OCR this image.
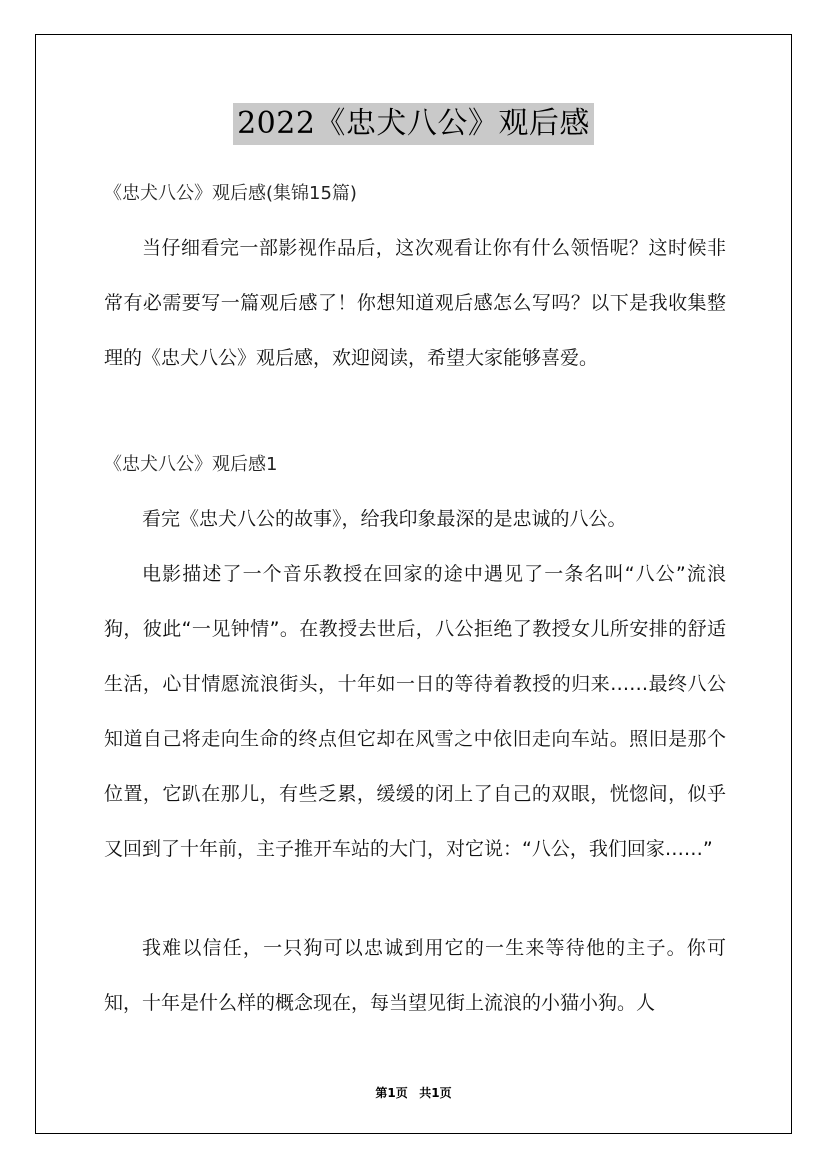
2022《忠犬八公》观后感
《忠犬八公》观后感(集锦15篇)

当仔细看完一部影视作品后，这次观看让你有什么领悟呢？这时候非常有必需要写一篇观后感了！你想知道观后感怎么写吗？以下是我收集整理的《忠犬八公》观后感，欢迎阅读，希望大家能够喜爱。

《忠犬八公》观后感1

看完《忠犬八公的故事》，给我印象最深的是忠诚的八公。

电影描述了一个音乐教授在回家的途中遇见了一条名叫“八公”流浪狗，彼此“一见钟情”。在教授去世后，八公拒绝了教授女儿所安排的舒适生活，心甘情愿流浪街头，十年如一日的等待着教授的归来……最终八公知道自己将走向生命的终点但它却在风雪之中依旧走向车站。照旧是那个位置，它趴在那儿，有些乏累，缓缓的闭上了自己的双眼，恍惚间，似乎又回到了十年前，主子推开车站的大门，对它说：“八公，我们回家……”

我难以信任，一只狗可以忠诚到用它的一生来等待他的主子。你可知，十年是什么样的概念现在，每当望见街上流浪的小猫小狗。人

第1页 共1页
